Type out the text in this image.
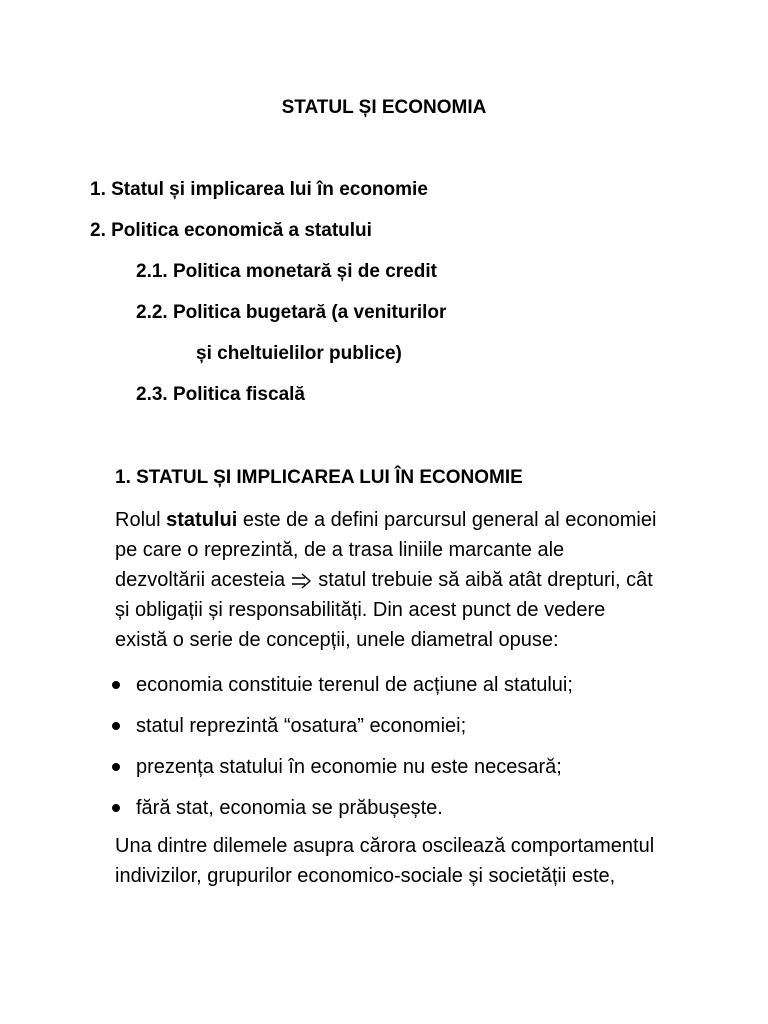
STATUL ȘI ECONOMIA
1. Statul și implicarea lui în economie
2. Politica economică a statului
2.1. Politica monetară și de credit
2.2. Politica bugetară (a veniturilor
și cheltuielilor publice)
2.3. Politica fiscală
1. STATUL ȘI IMPLICAREA LUI ÎN ECONOMIE

Rolul statului este de a defini parcursul general al economiei

pe care o reprezintă, de a trasa liniile marcante ale

dezvoltării acesteia  statul trebuie să aibă atât drepturi, cât

și obligații și responsabilități. Din acest punct de vedere

există o serie de concepții, unele diametral opuse:

economia constituie terenul de acțiune al statului;
statul reprezintă “osatura” economiei;
prezența statului în economie nu este necesară;
fără stat, economia se prăbușește.

Una dintre dilemele asupra cărora oscilează comportamentul

indivizilor, grupurilor economico-sociale și societății este,
